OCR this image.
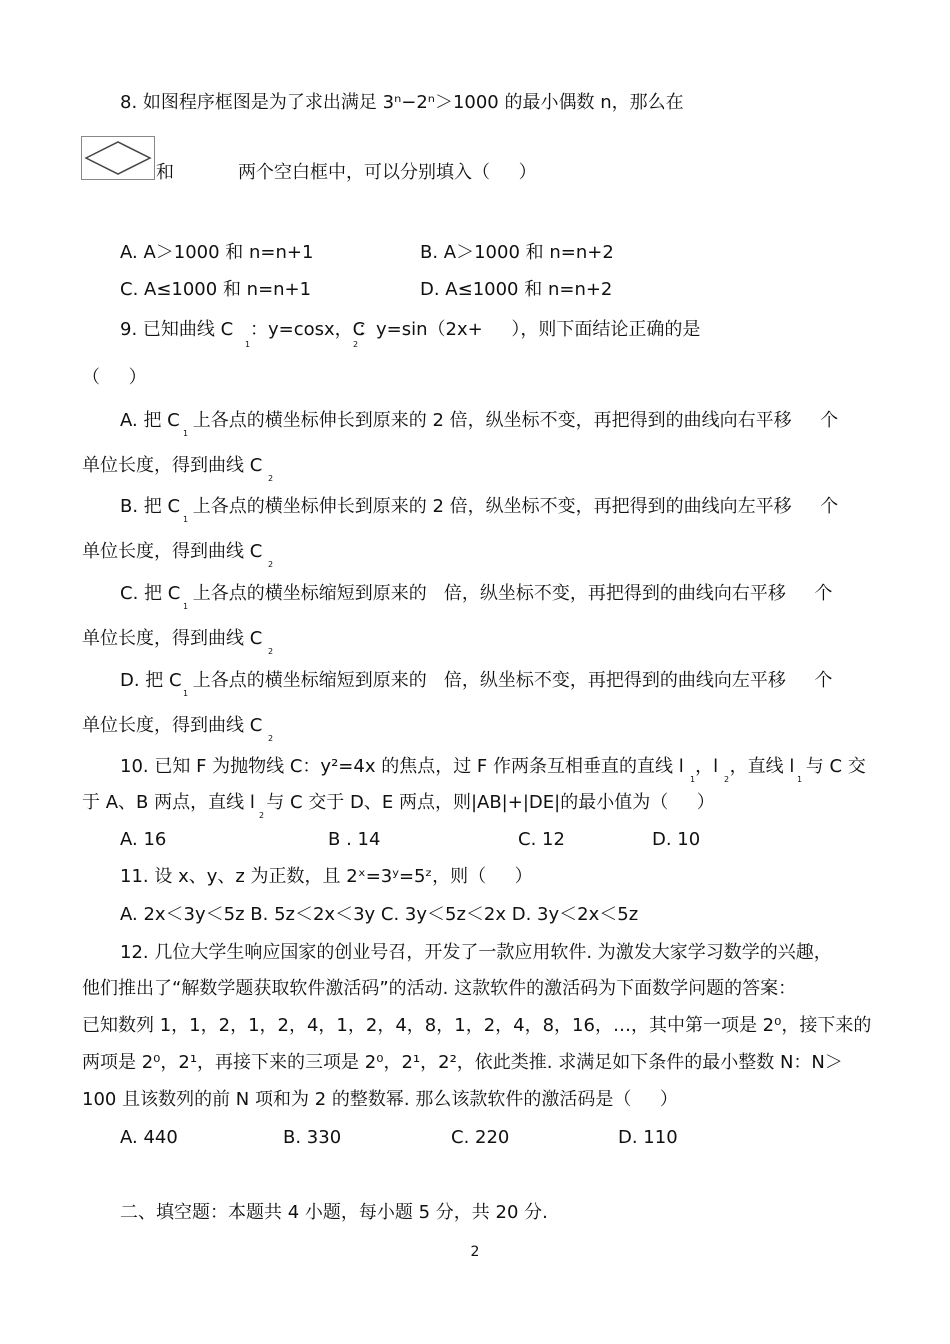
8. 如图程序框图是为了求出满足 3ⁿ−2ⁿ＞1000 的最小偶数 n，那么在
和	两个空白框中，可以分别填入（     ）
A. A＞1000 和 n=n+1	B. A＞1000 和 n=n+2
C. A≤1000 和 n=n+1	D. A≤1000 和 n=n+2
9. 已知曲线 C
1
：y=cosx，C
2
：y=sin（2x+     ），则下面结论正确的是
（     ）
A. 把 C
1
上各点的横坐标伸长到原来的 2 倍，纵坐标不变，再把得到的曲线向右平移     个
单位长度，得到曲线 C
2
B. 把 C
1
上各点的横坐标伸长到原来的 2 倍，纵坐标不变，再把得到的曲线向左平移     个
单位长度，得到曲线 C
2
C. 把 C
1
上各点的横坐标缩短到原来的   倍，纵坐标不变，再把得到的曲线向右平移     个
单位长度，得到曲线 C
2
D. 把 C
1
上各点的横坐标缩短到原来的   倍，纵坐标不变，再把得到的曲线向左平移     个
单位长度，得到曲线 C
2
10. 已知 F 为抛物线 C：y²=4x 的焦点，过 F 作两条互相垂直的直线 l  ，l  ，直线 l  与 C 交
1	2	1
于 A、B 两点，直线 l  与 C 交于 D、E 两点，则|AB|+|DE|的最小值为（     ）
2
A. 16	B . 14	C. 12	D. 10
11. 设 x、y、z 为正数，且 2ˣ=3ʸ=5ᶻ，则（     ）
A. 2x＜3y＜5z B. 5z＜2x＜3y C. 3y＜5z＜2x D. 3y＜2x＜5z
12. 几位大学生响应国家的创业号召，开发了一款应用软件. 为激发大家学习数学的兴趣，
他们推出了“解数学题获取软件激活码”的活动. 这款软件的激活码为下面数学问题的答案：
已知数列 1，1，2，1，2，4，1，2，4，8，1，2，4，8，16，…，其中第一项是 2⁰，接下来的
两项是 2⁰，2¹，再接下来的三项是 2⁰，2¹，2²，依此类推. 求满足如下条件的最小整数 N：N＞
100 且该数列的前 N 项和为 2 的整数幂. 那么该款软件的激活码是（     ）
A. 440	B. 330	C. 220	D. 110
二、填空题：本题共 4 小题，每小题 5 分，共 20 分.
2
